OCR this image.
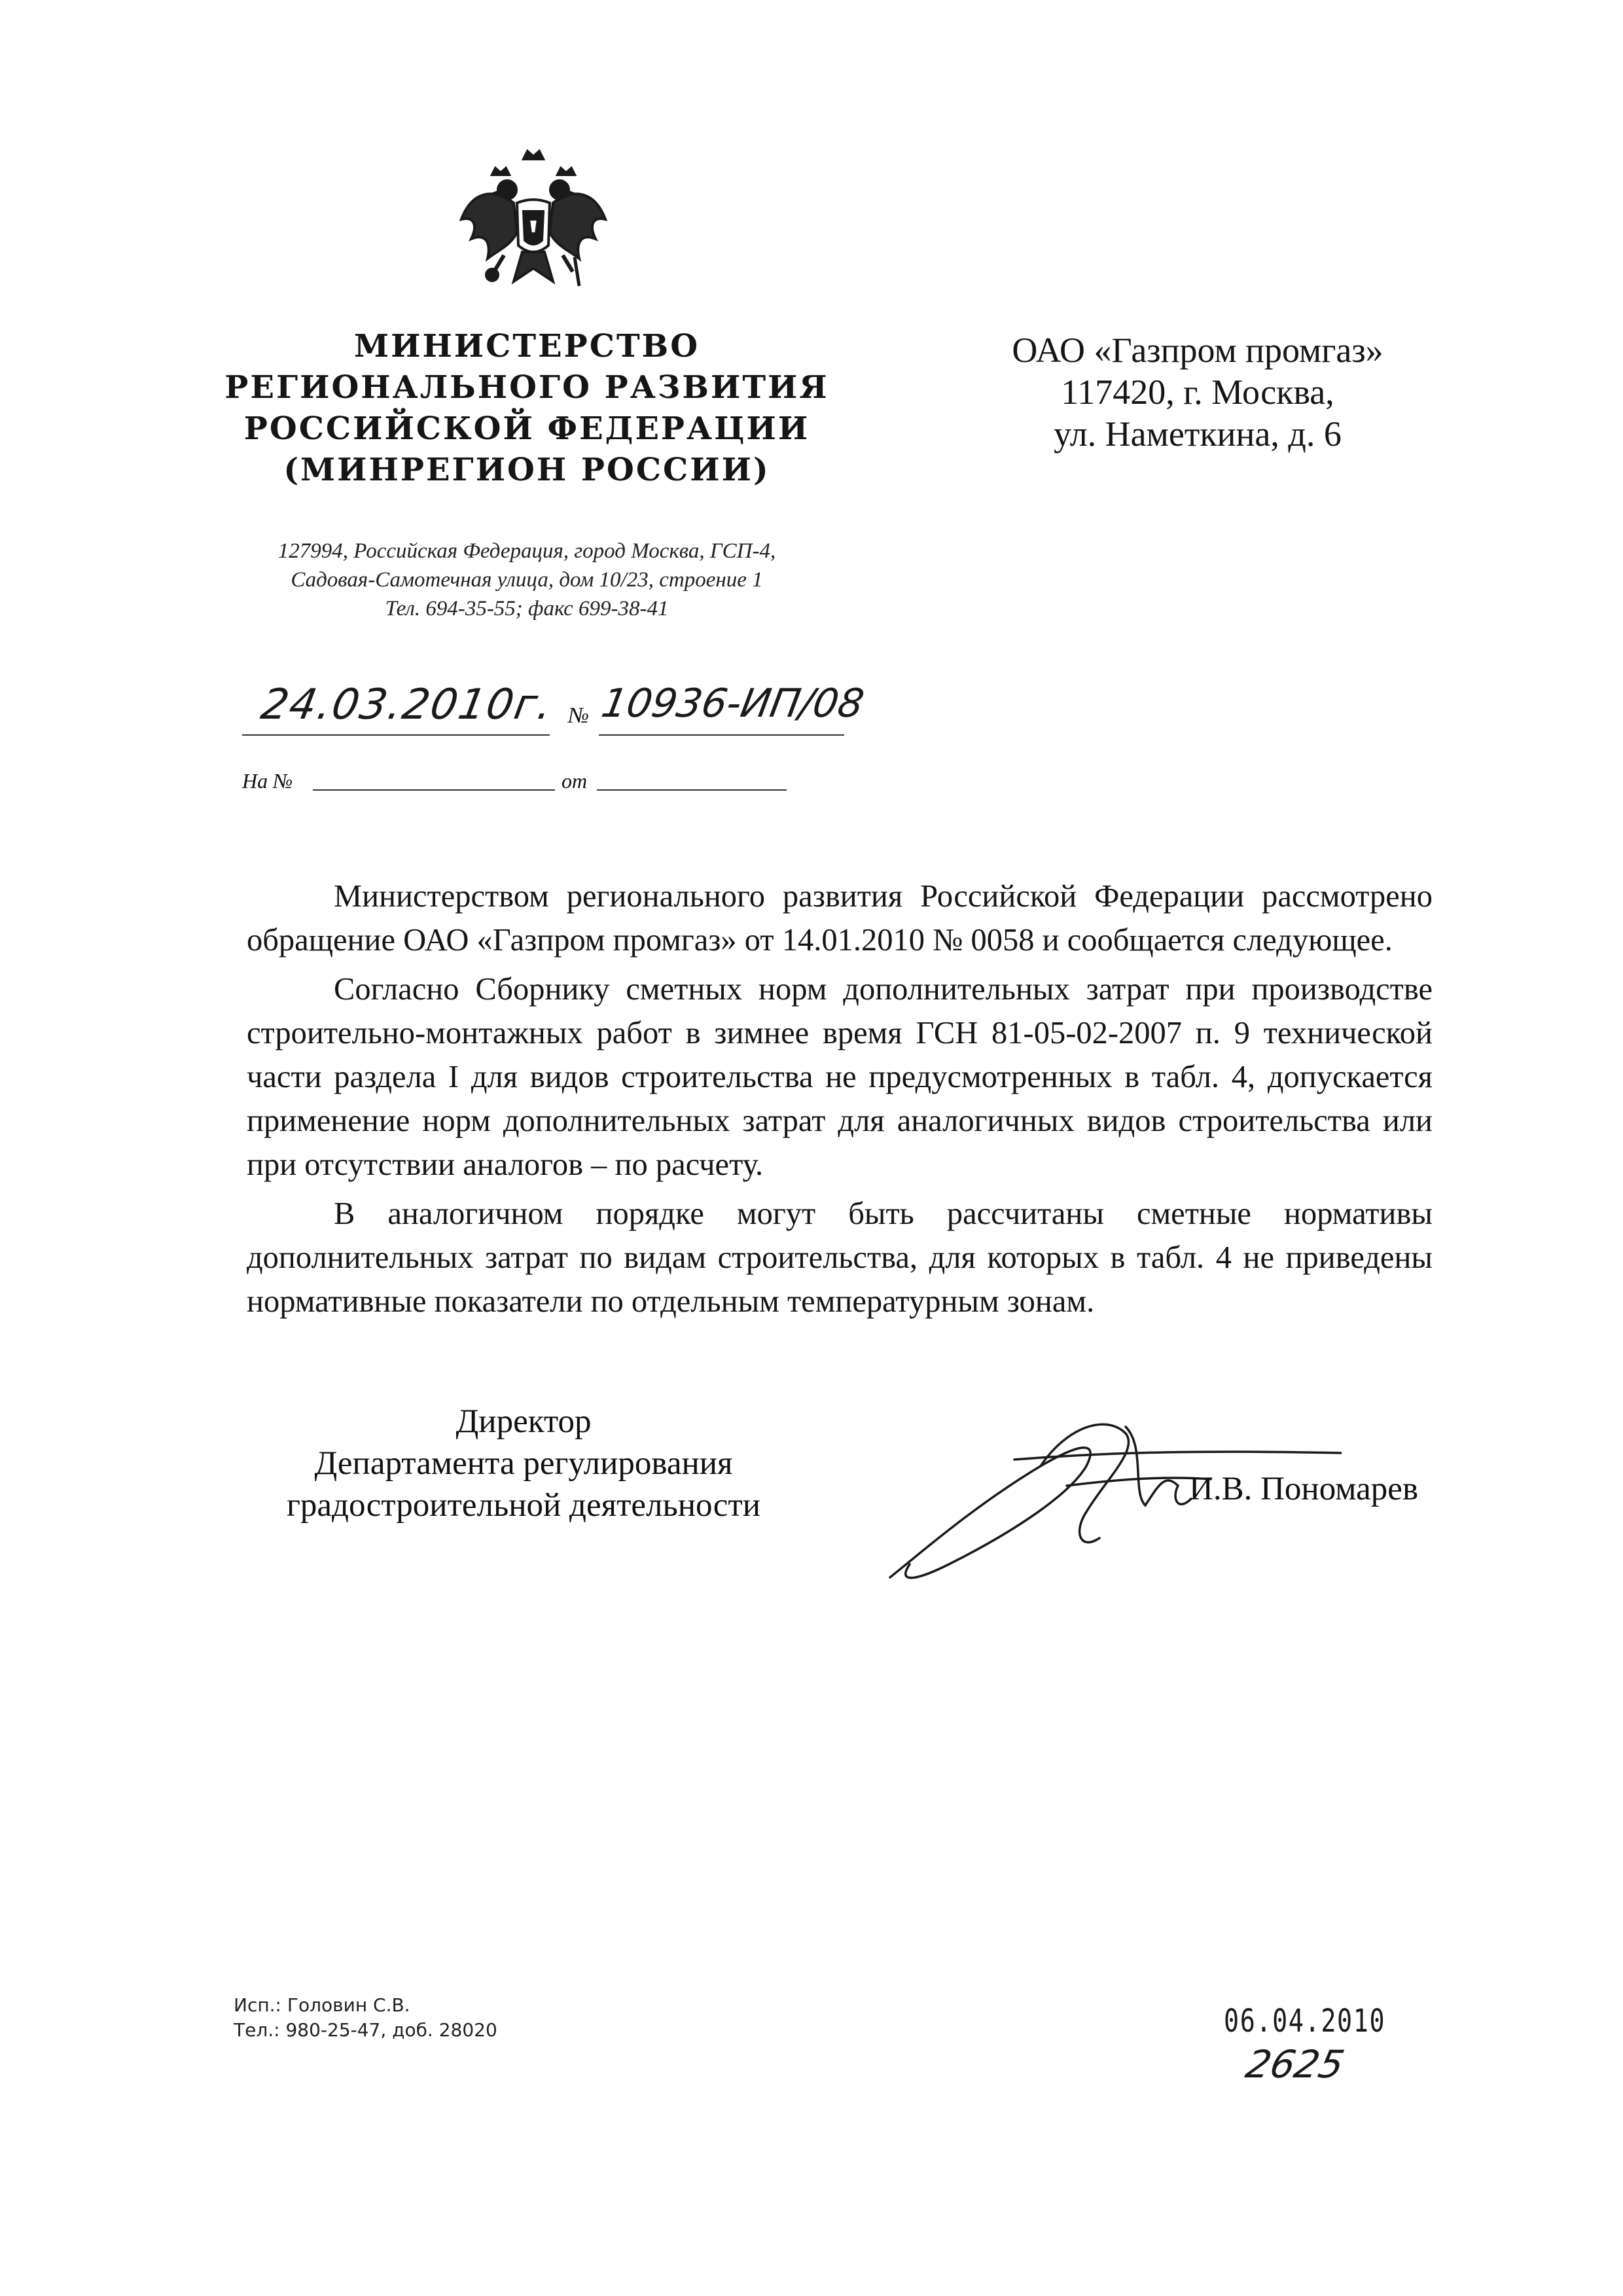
МИНИСТЕРСТВО
РЕГИОНАЛЬНОГО РАЗВИТИЯ
РОССИЙСКОЙ ФЕДЕРАЦИИ
(МИНРЕГИОН РОССИИ)
ОАО «Газпром промгаз»
117420, г. Москва,
ул. Наметкина, д. 6
127994, Российская Федерация, город Москва, ГСП-4,
Садовая-Самотечная улица, дом 10/23, строение 1
Тел. 694-35-55; факс 699-38-41
24.03.2010г. № 10936-ИП/08
На №	от

Министерством регионального развития Российской Федерации рассмотрено обращение ОАО «Газпром промгаз» от 14.01.2010 № 0058 и сообщается следующее.

Согласно Сборнику сметных норм дополнительных затрат при производстве строительно-монтажных работ в зимнее время ГСН 81-05-02-2007 п. 9 технической части раздела I для видов строительства не предусмотренных в табл. 4, допускается применение норм дополнительных затрат для аналогичных видов строительства или при отсутствии аналогов – по расчету.

В аналогичном порядке могут быть рассчитаны сметные нормативы дополнительных затрат по видам строительства, для которых в табл. 4 не приведены нормативные показатели по отдельным температурным зонам.

Директор
Департамента регулирования
градостроительной деятельности	И.В. Пономарев
Исп.: Головин С.В.
Тел.: 980-25-47, доб. 28020	06.04.2010
2625
